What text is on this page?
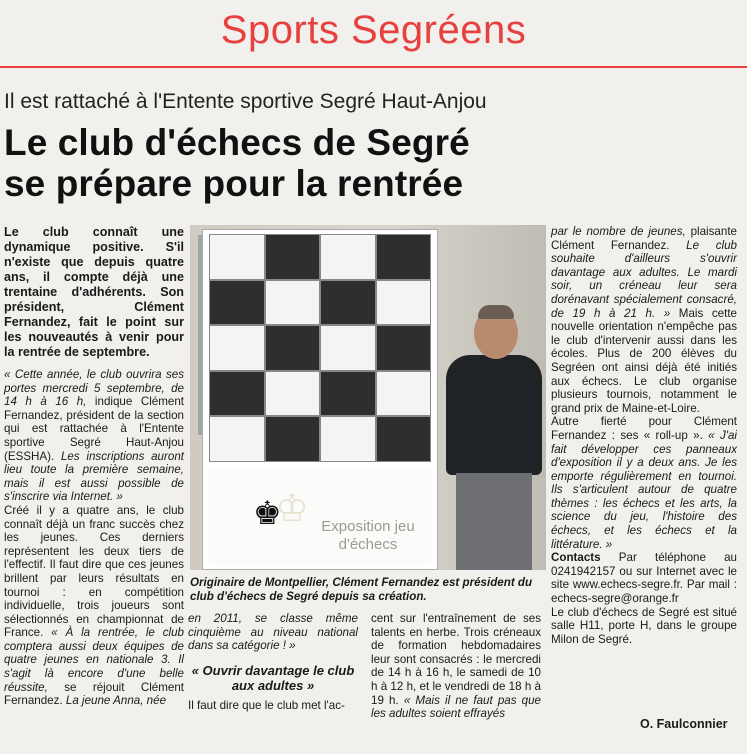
Sports Segréens
Il est rattaché à l'Entente sportive Segré Haut-Anjou
Le club d'échecs de Segré
se prépare pour la rentrée

Le club connaît une dynamique positive. S'il n'existe que depuis quatre ans, il compte déjà une trentaine d'adhérents. Son président, Clément Fernandez, fait le point sur les nouveautés à venir pour la rentrée de septembre.

« Cette année, le club ouvrira ses portes mercredi 5 septembre, de 14 h à 16 h, indique Clément Fernandez, président de la section qui est rattachée à l'Entente sportive Segré Haut-Anjou (ESSHA). Les inscriptions auront lieu toute la première semaine, mais il est aussi possible de s'inscrire via Internet. »

Créé il y a quatre ans, le club connaît déjà un franc succès chez les jeunes. Ces derniers représentent les deux tiers de l'effectif. Il faut dire que ces jeunes brillent par leurs résultats en tournoi : en compétition individuelle, trois joueurs sont sélectionnés en championnat de France. « À la rentrée, le club comptera aussi deux équipes de quatre jeunes en nationale 3. Il s'agit là encore d'une belle réussite, se réjouit Clément Fernandez. La jeune Anna, née

♚
♔ Exposition jeu d'échecs
Originaire de Montpellier, Clément Fernandez est président du club d'échecs de Segré depuis sa création.

en 2011, se classe même cinquième au niveau national dans sa catégorie ! »

« Ouvrir davantage le club aux adultes »

Il faut dire que le club met l'ac-

cent sur l'entraînement de ses talents en herbe. Trois créneaux de formation hebdomadaires leur sont consacrés : le mercredi de 14 h à 16 h, le samedi de 10 h à 12 h, et le vendredi de 18 h à 19 h. « Mais il ne faut pas que les adultes soient effrayés

par le nombre de jeunes, plaisante Clément Fernandez. Le club souhaite d'ailleurs s'ouvrir davantage aux adultes. Le mardi soir, un créneau leur sera dorénavant spécialement consacré, de 19 h à 21 h. » Mais cette nouvelle orientation n'empêche pas le club d'intervenir aussi dans les écoles. Plus de 200 élèves du Segréen ont ainsi déjà été initiés aux échecs. Le club organise plusieurs tournois, notamment le grand prix de Maine-et-Loire.

Autre fierté pour Clément Fernandez : ses « roll-up ». « J'ai fait développer ces panneaux d'exposition il y a deux ans. Je les emporte régulièrement en tournoi. Ils s'articulent autour de quatre thèmes : les échecs et les arts, la science du jeu, l'histoire des échecs, et les échecs et la littérature. »

Contacts Par téléphone au 0241942157 ou sur Internet avec le site www.echecs-segre.fr. Par mail : echecs-segre@orange.fr

Le club d'échecs de Segré est situé salle H11, porte H, dans le groupe Milon de Segré.

O. Faulconnier
